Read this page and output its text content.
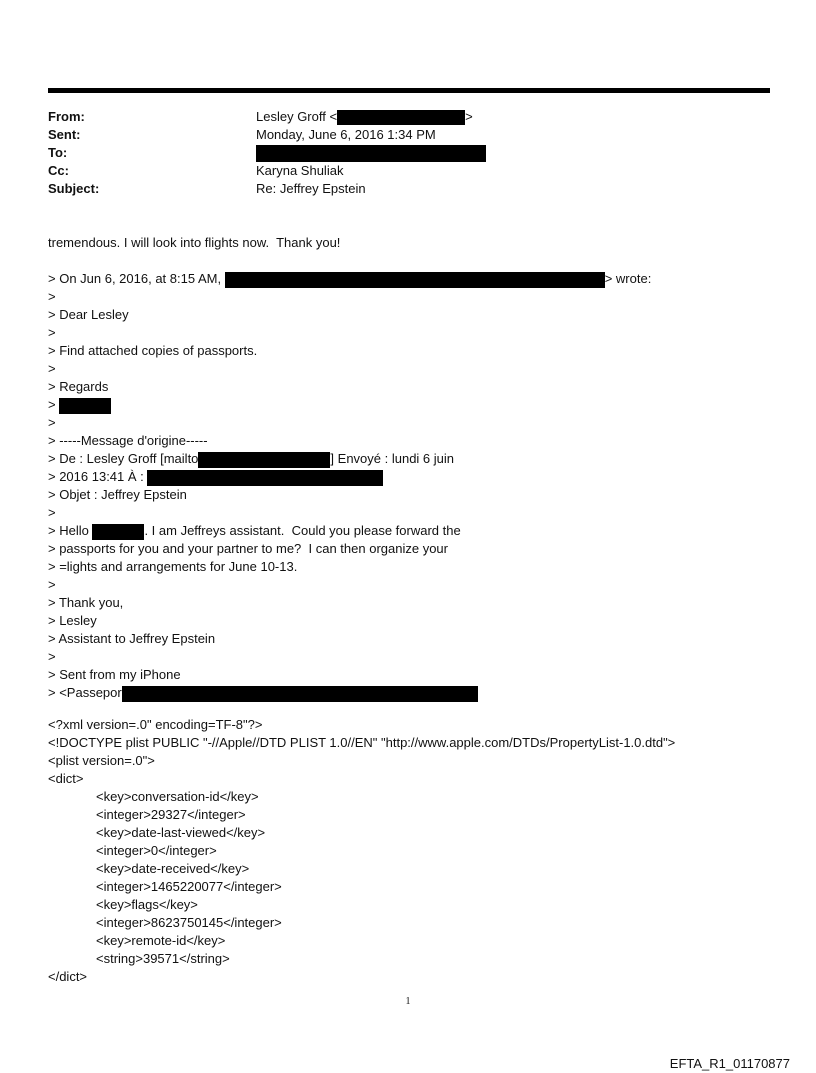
From:	Lesley Groff <	>
Sent:	Monday, June 6, 2016 1:34 PM
To:
Cc:	Karyna Shuliak
Subject:	Re: Jeffrey Epstein
tremendous. I will look into flights now.  Thank you!
> On Jun 6, 2016, at 8:15 AM,	> wrote:
>
> Dear Lesley
>
> Find attached copies of passports.
>
> Regards
>
>
> -----Message d'origine-----
> De : Lesley Groff [mailto	] Envoyé : lundi 6 juin
> 2016 13:41 À :
> Objet : Jeffrey Epstein
>
> Hello	. I am Jeffreys assistant.  Could you please forward the
> passports for you and your partner to me?  I can then organize your
> =lights and arrangements for June 10-13.
>
> Thank you,
> Lesley
> Assistant to Jeffrey Epstein
>
> Sent from my iPhone
> <Passepor
<?xml version=.0" encoding=TF-8"?>
<!DOCTYPE plist PUBLIC "-//Apple//DTD PLIST 1.0//EN" "http://www.apple.com/DTDs/PropertyList-1.0.dtd">
<plist version=.0">
<dict>
<key>conversation-id</key>
<integer>29327</integer>
<key>date-last-viewed</key>
<integer>0</integer>
<key>date-received</key>
<integer>1465220077</integer>
<key>flags</key>
<integer>8623750145</integer>
<key>remote-id</key>
<string>39571</string>
</dict>
1
EFTA_R1_01170877
